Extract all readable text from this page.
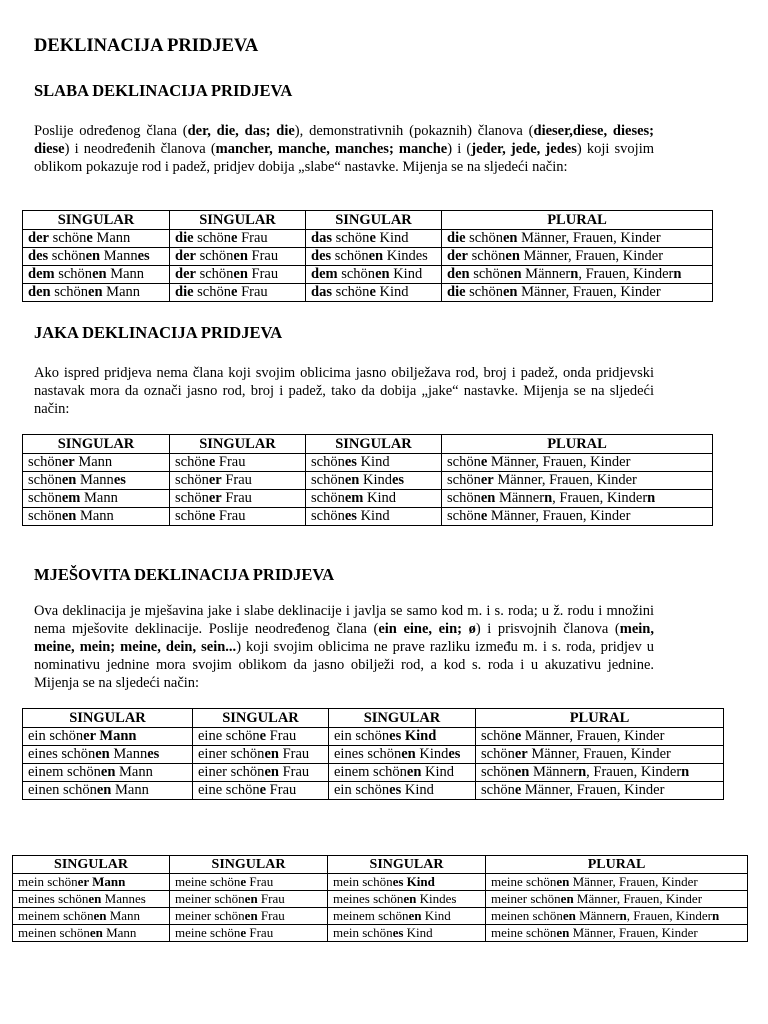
DEKLINACIJA PRIDJEVA
SLABA DEKLINACIJA PRIDJEVA

Poslije određenog člana (der, die, das; die), demonstrativnih (pokaznih) članova (dieser,diese, dieses; diese) i neodređenih članova (mancher, manche, manches; manche) i (jeder, jede, jedes) koji svojim oblikom pokazuje rod i padež, pridjev dobija „slabe“ nastavke. Mijenja se na sljedeći način:

SINGULAR	SINGULAR	SINGULAR	PLURAL
der schöne Mann	die schöne Frau	das schöne Kind	die schönen Männer, Frauen, Kinder
des schönen Mannes	der schönen Frau	des schönen Kindes	der schönen Männer, Frauen, Kinder
dem schönen Mann	der schönen Frau	dem schönen Kind	den schönen Männern, Frauen, Kindern
den schönen Mann	die schöne Frau	das schöne Kind	die schönen Männer, Frauen, Kinder
JAKA DEKLINACIJA PRIDJEVA

Ako ispred pridjeva nema člana koji svojim oblicima jasno obilježava rod, broj i padež, onda pridjevski nastavak mora da označi jasno rod, broj i padež, tako da dobija „jake“ nastavke. Mijenja se na sljedeći način:

SINGULAR	SINGULAR	SINGULAR	PLURAL
schöner Mann	schöne Frau	schönes Kind	schöne Männer, Frauen, Kinder
schönen Mannes	schöner Frau	schönen Kindes	schöner Männer, Frauen, Kinder
schönem Mann	schöner Frau	schönem Kind	schönen Männern, Frauen, Kindern
schönen Mann	schöne Frau	schönes Kind	schöne Männer, Frauen, Kinder
MJEŠOVITA DEKLINACIJA PRIDJEVA

Ova deklinacija je mješavina jake i slabe deklinacije i javlja se samo kod m. i s. roda; u ž. rodu i množini nema mješovite deklinacije. Poslije neodređenog člana (ein eine, ein; ø) i prisvojnih članova (mein, meine, mein; meine, dein, sein...) koji svojim oblicima ne prave razliku između m. i s. roda, pridjev u nominativu jednine mora svojim oblikom da jasno obilježi rod, a kod s. roda i u akuzativu jednine. Mijenja se na sljedeći način:

SINGULAR	SINGULAR	SINGULAR	PLURAL
ein schöner Mann	eine schöne Frau	ein schönes Kind	schöne Männer, Frauen, Kinder
eines schönen Mannes	einer schönen Frau	eines schönen Kindes	schöner Männer, Frauen, Kinder
einem schönen Mann	einer schönen Frau	einem schönen Kind	schönen Männern, Frauen, Kindern
einen schönen Mann	eine schöne Frau	ein schönes Kind	schöne Männer, Frauen, Kinder
SINGULAR	SINGULAR	SINGULAR	PLURAL
mein schöner Mann	meine schöne Frau	mein schönes Kind	meine schönen Männer, Frauen, Kinder
meines schönen Mannes	meiner schönen Frau	meines schönen Kindes	meiner schönen Männer, Frauen, Kinder
meinem schönen Mann	meiner schönen Frau	meinem schönen Kind	meinen schönen Männern, Frauen, Kindern
meinen schönen Mann	meine schöne Frau	mein schönes Kind	meine schönen Männer, Frauen, Kinder
